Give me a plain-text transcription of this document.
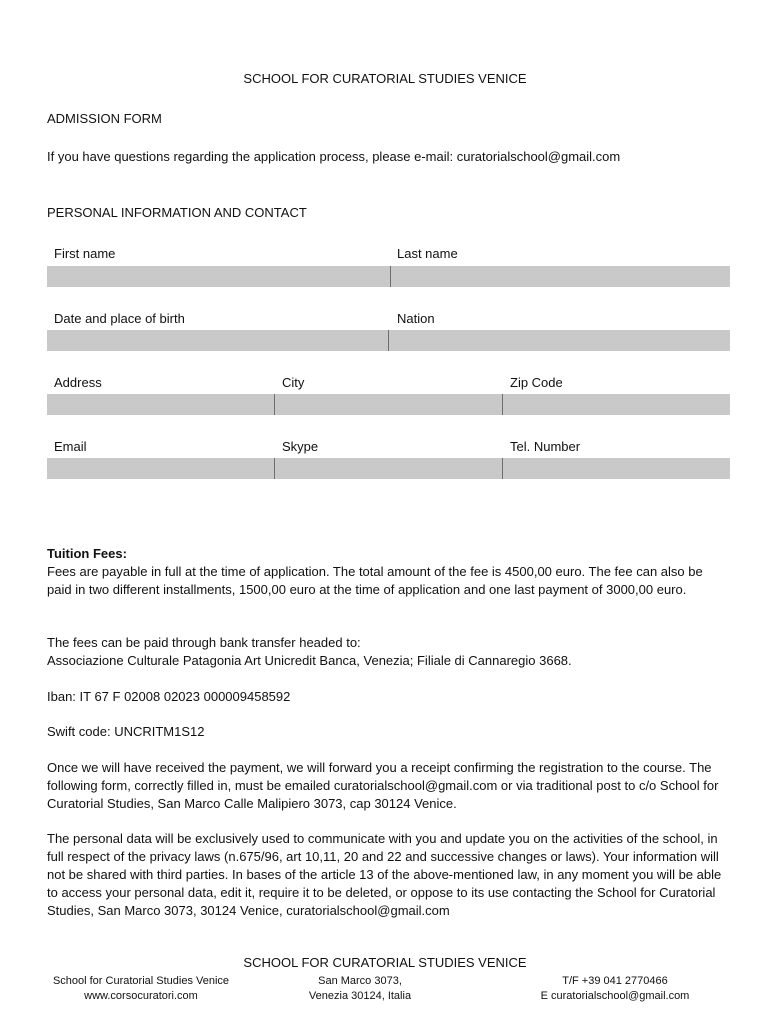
SCHOOL FOR CURATORIAL STUDIES VENICE
ADMISSION FORM
If you have questions regarding the application process, please e-mail: curatorialschool@gmail.com
PERSONAL INFORMATION AND CONTACT
First name	Last name
Date and place of birth	Nation
Address	City	Zip Code
Email	Skype	Tel. Number

Tuition Fees:

Fees are payable in full at the time of application. The total amount of the fee is 4500,00 euro. The fee can also be paid in two different installments, 1500,00 euro at the time of application and one last payment of 3000,00 euro.

The fees can be paid through bank transfer headed to:

Associazione Culturale Patagonia Art Unicredit Banca, Venezia; Filiale di Cannaregio 3668.

Iban: IT 67 F 02008 02023 000009458592

Swift code: UNCRITM1S12

Once we will have received the payment, we will forward you a receipt confirming the registration to the course. The following form, correctly filled in, must be emailed curatorialschool@gmail.com or via traditional post to c/o School for Curatorial Studies, San Marco Calle Malipiero 3073, cap 30124 Venice.

The personal data will be exclusively used to communicate with you and update you on the activities of the school, in full respect of the privacy laws (n.675/96, art 10,11, 20 and 22 and successive changes or laws). Your information will not be shared with third parties. In bases of the article 13 of the above-mentioned law, in any moment you will be able to access your personal data, edit it, require it to be deleted, or oppose to its use contacting the School for Curatorial Studies, San Marco 3073, 30124 Venice, curatorialschool@gmail.com

SCHOOL FOR CURATORIAL STUDIES VENICE
School for Curatorial Studies Venice
www.corsocuratori.com
San Marco 3073,
Venezia 30124, Italia
T/F +39 041 2770466
E curatorialschool@gmail.com
